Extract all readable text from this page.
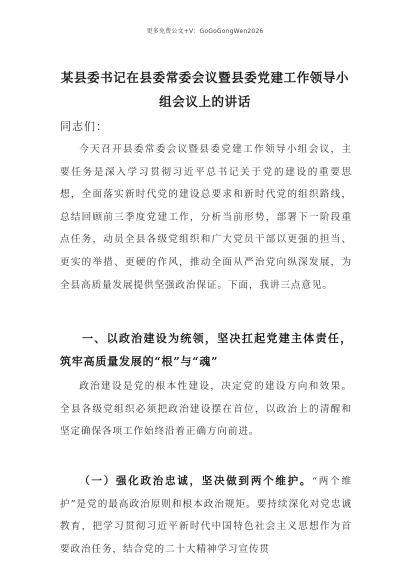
更多免费公文+V：GoGoGongWen2026
某县委书记在县委常委会议暨县委党建工作领导小组会议上的讲话
同志们：
今天召开县委常委会议暨县委党建工作领导小组会议，主要任务是深入学习贯彻习近平总书记关于党的建设的重要思想，全面落实新时代党的建设总要求和新时代党的组织路线，总结回顾前三季度党建工作，分析当前形势，部署下一阶段重点任务，动员全县各级党组织和广大党员干部以更强的担当、更实的举措、更硬的作风，推动全面从严治党向纵深发展，为全县高质量发展提供坚强政治保证。下面，我讲三点意见。
一、以政治建设为统领，坚决扛起党建主体责任，筑牢高质量发展的“根”与“魂”
政治建设是党的根本性建设，决定党的建设方向和效果。全县各级党组织必须把政治建设摆在首位，以政治上的清醒和坚定确保各项工作始终沿着正确方向前进。
（一）强化政治忠诚，坚决做到两个维护。“两个维护”是党的最高政治原则和根本政治规矩。要持续深化对党忠诚教育，把学习贯彻习近平新时代中国特色社会主义思想作为首要政治任务，结合党的二十大精神学习宣传贯
